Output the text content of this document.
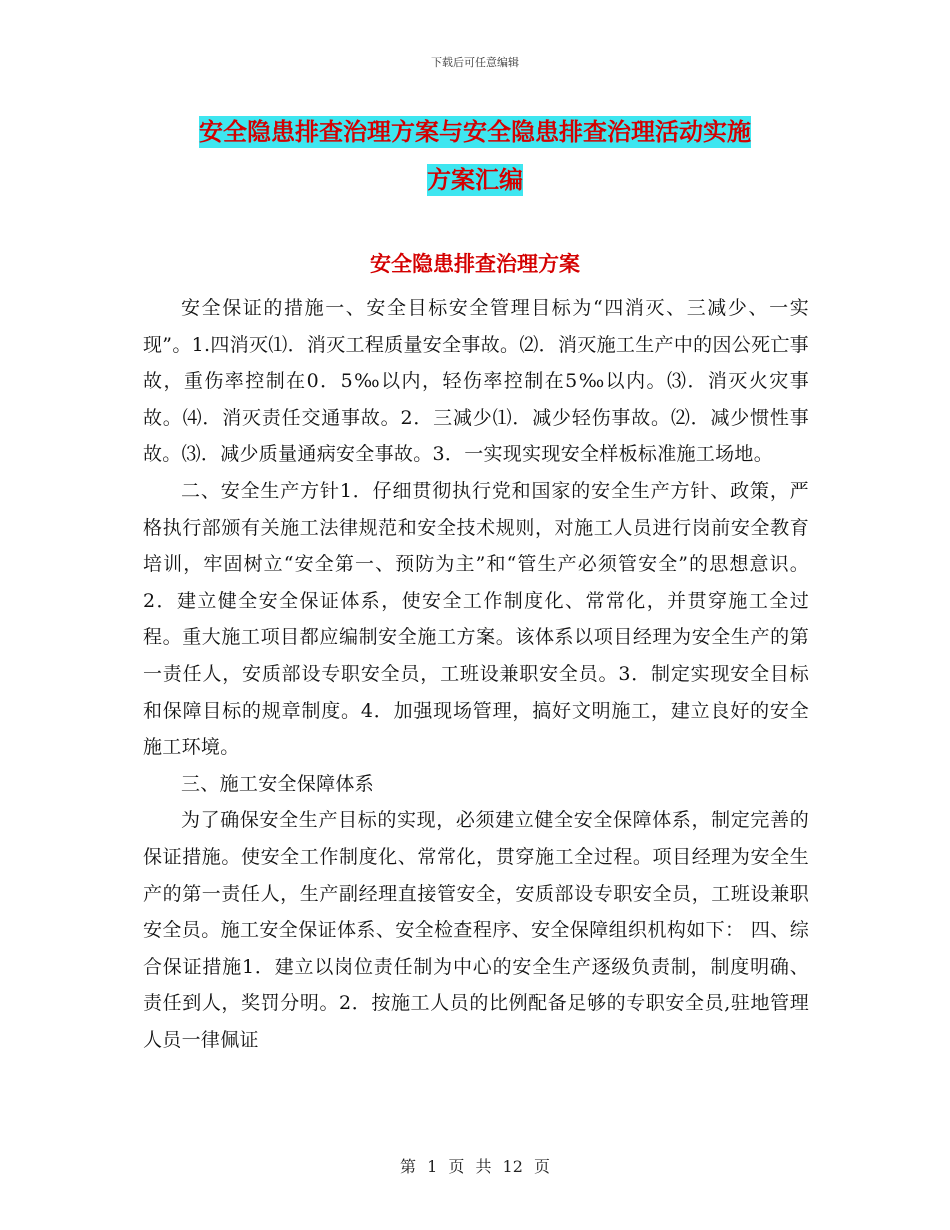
下载后可任意编辑
安全隐患排查治理方案与安全隐患排查治理活动实施
方案汇编
安全隐患排查治理方案

安全保证的措施一、安全目标安全管理目标为“四消灭、三减少、一实现”。1.四消灭⑴．消灭工程质量安全事故。⑵．消灭施工生产中的因公死亡事故，重伤率控制在0．5‰以内，轻伤率控制在5‰以内。⑶．消灭火灾事故。⑷．消灭责任交通事故。2．三减少⑴．减少轻伤事故。⑵．减少惯性事故。⑶．减少质量通病安全事故。3．一实现实现安全样板标准施工场地。

二、安全生产方针1．仔细贯彻执行党和国家的安全生产方针、政策，严格执行部颁有关施工法律规范和安全技术规则，对施工人员进行岗前安全教育培训，牢固树立“安全第一、预防为主”和“管生产必须管安全”的思想意识。2．建立健全安全保证体系，使安全工作制度化、常常化，并贯穿施工全过程。重大施工项目都应编制安全施工方案。该体系以项目经理为安全生产的第一责任人，安质部设专职安全员，工班设兼职安全员。3．制定实现安全目标和保障目标的规章制度。4．加强现场管理，搞好文明施工，建立良好的安全施工环境。

三、施工安全保障体系

为了确保安全生产目标的实现，必须建立健全安全保障体系，制定完善的保证措施。使安全工作制度化、常常化，贯穿施工全过程。项目经理为安全生产的第一责任人，生产副经理直接管安全，安质部设专职安全员，工班设兼职安全员。施工安全保证体系、安全检查程序、安全保障组织机构如下： 四、综合保证措施1．建立以岗位责任制为中心的安全生产逐级负责制，制度明确、责任到人，奖罚分明。2．按施工人员的比例配备足够的专职安全员,驻地管理人员一律佩证

第 1 页 共 12 页
